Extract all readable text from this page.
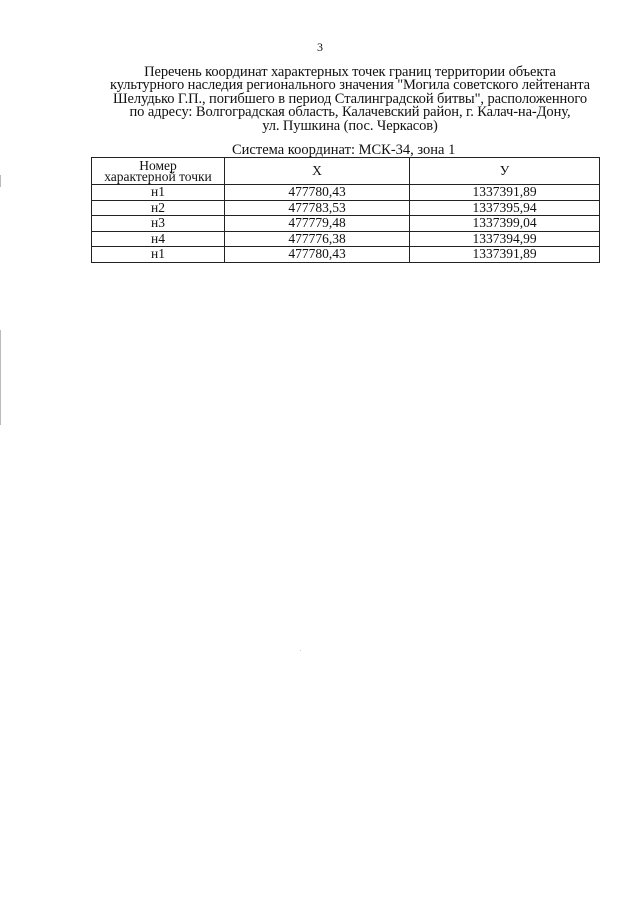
3
Перечень координат характерных точек границ территории объекта
культурного наследия регионального значения "Могила советского лейтенанта
Шелудько Г.П., погибшего в период Сталинградской битвы", расположенного
по адресу: Волгоградская область, Калачевский район, г. Калач-на-Дону,
ул. Пушкина (пос. Черкасов)
Система координат: МСК-34, зона 1
Номер
характерной точки	Х	У
н1	477780,43	1337391,89
н2	477783,53	1337395,94
н3	477779,48	1337399,04
н4	477776,38	1337394,99
н1	477780,43	1337391,89
